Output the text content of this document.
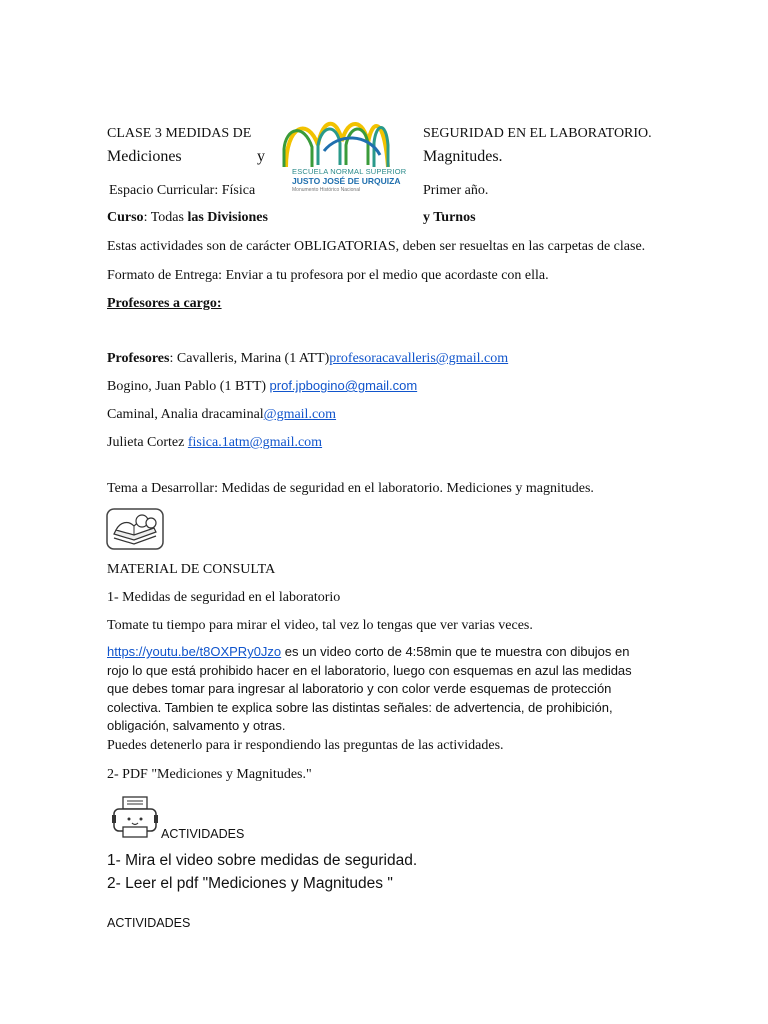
CLASE 3 MEDIDAS DE	SEGURIDAD EN EL LABORATORIO.
Mediciones	y	Magnitudes.
Espacio Curricular: Física	Primer año.
Curso: Todas las Divisiones	y Turnos
ESCUELA NORMAL SUPERIOR
JUSTO JOSÉ DE URQUIZA
Monumento Histórico Nacional
Estas actividades son de carácter OBLIGATORIAS, deben ser resueltas en las carpetas de clase.
Formato de Entrega: Enviar a tu profesora por el medio que acordaste con ella.
Profesores a cargo:
Profesores: Cavalleris, Marina (1 ATT)profesoracavalleris@gmail.com
Bogino, Juan Pablo (1 BTT) prof.jpbogino@gmail.com
Caminal, Analia dracaminal@gmail.com
Julieta Cortez fisica.1atm@gmail.com
Tema a Desarrollar: Medidas de seguridad en el laboratorio. Mediciones y magnitudes.
MATERIAL DE CONSULTA
1- Medidas de seguridad en el laboratorio
Tomate tu tiempo para mirar el video, tal vez lo tengas que ver varias veces.
https://youtu.be/t8OXPRy0Jzo es un video corto de 4:58min que te muestra con dibujos en rojo lo que está prohibido hacer en el laboratorio, luego con esquemas en azul las medidas que debes tomar para ingresar al laboratorio y con color verde esquemas de protección colectiva. Tambien te explica sobre las distintas señales: de advertencia, de prohibición, obligación, salvamento y otras.
Puedes detenerlo para ir respondiendo las preguntas de las actividades.
2- PDF "Mediciones y Magnitudes."
ACTIVIDADES
1- Mira el video sobre medidas de seguridad.
2- Leer el pdf "Mediciones y Magnitudes "
ACTIVIDADES
